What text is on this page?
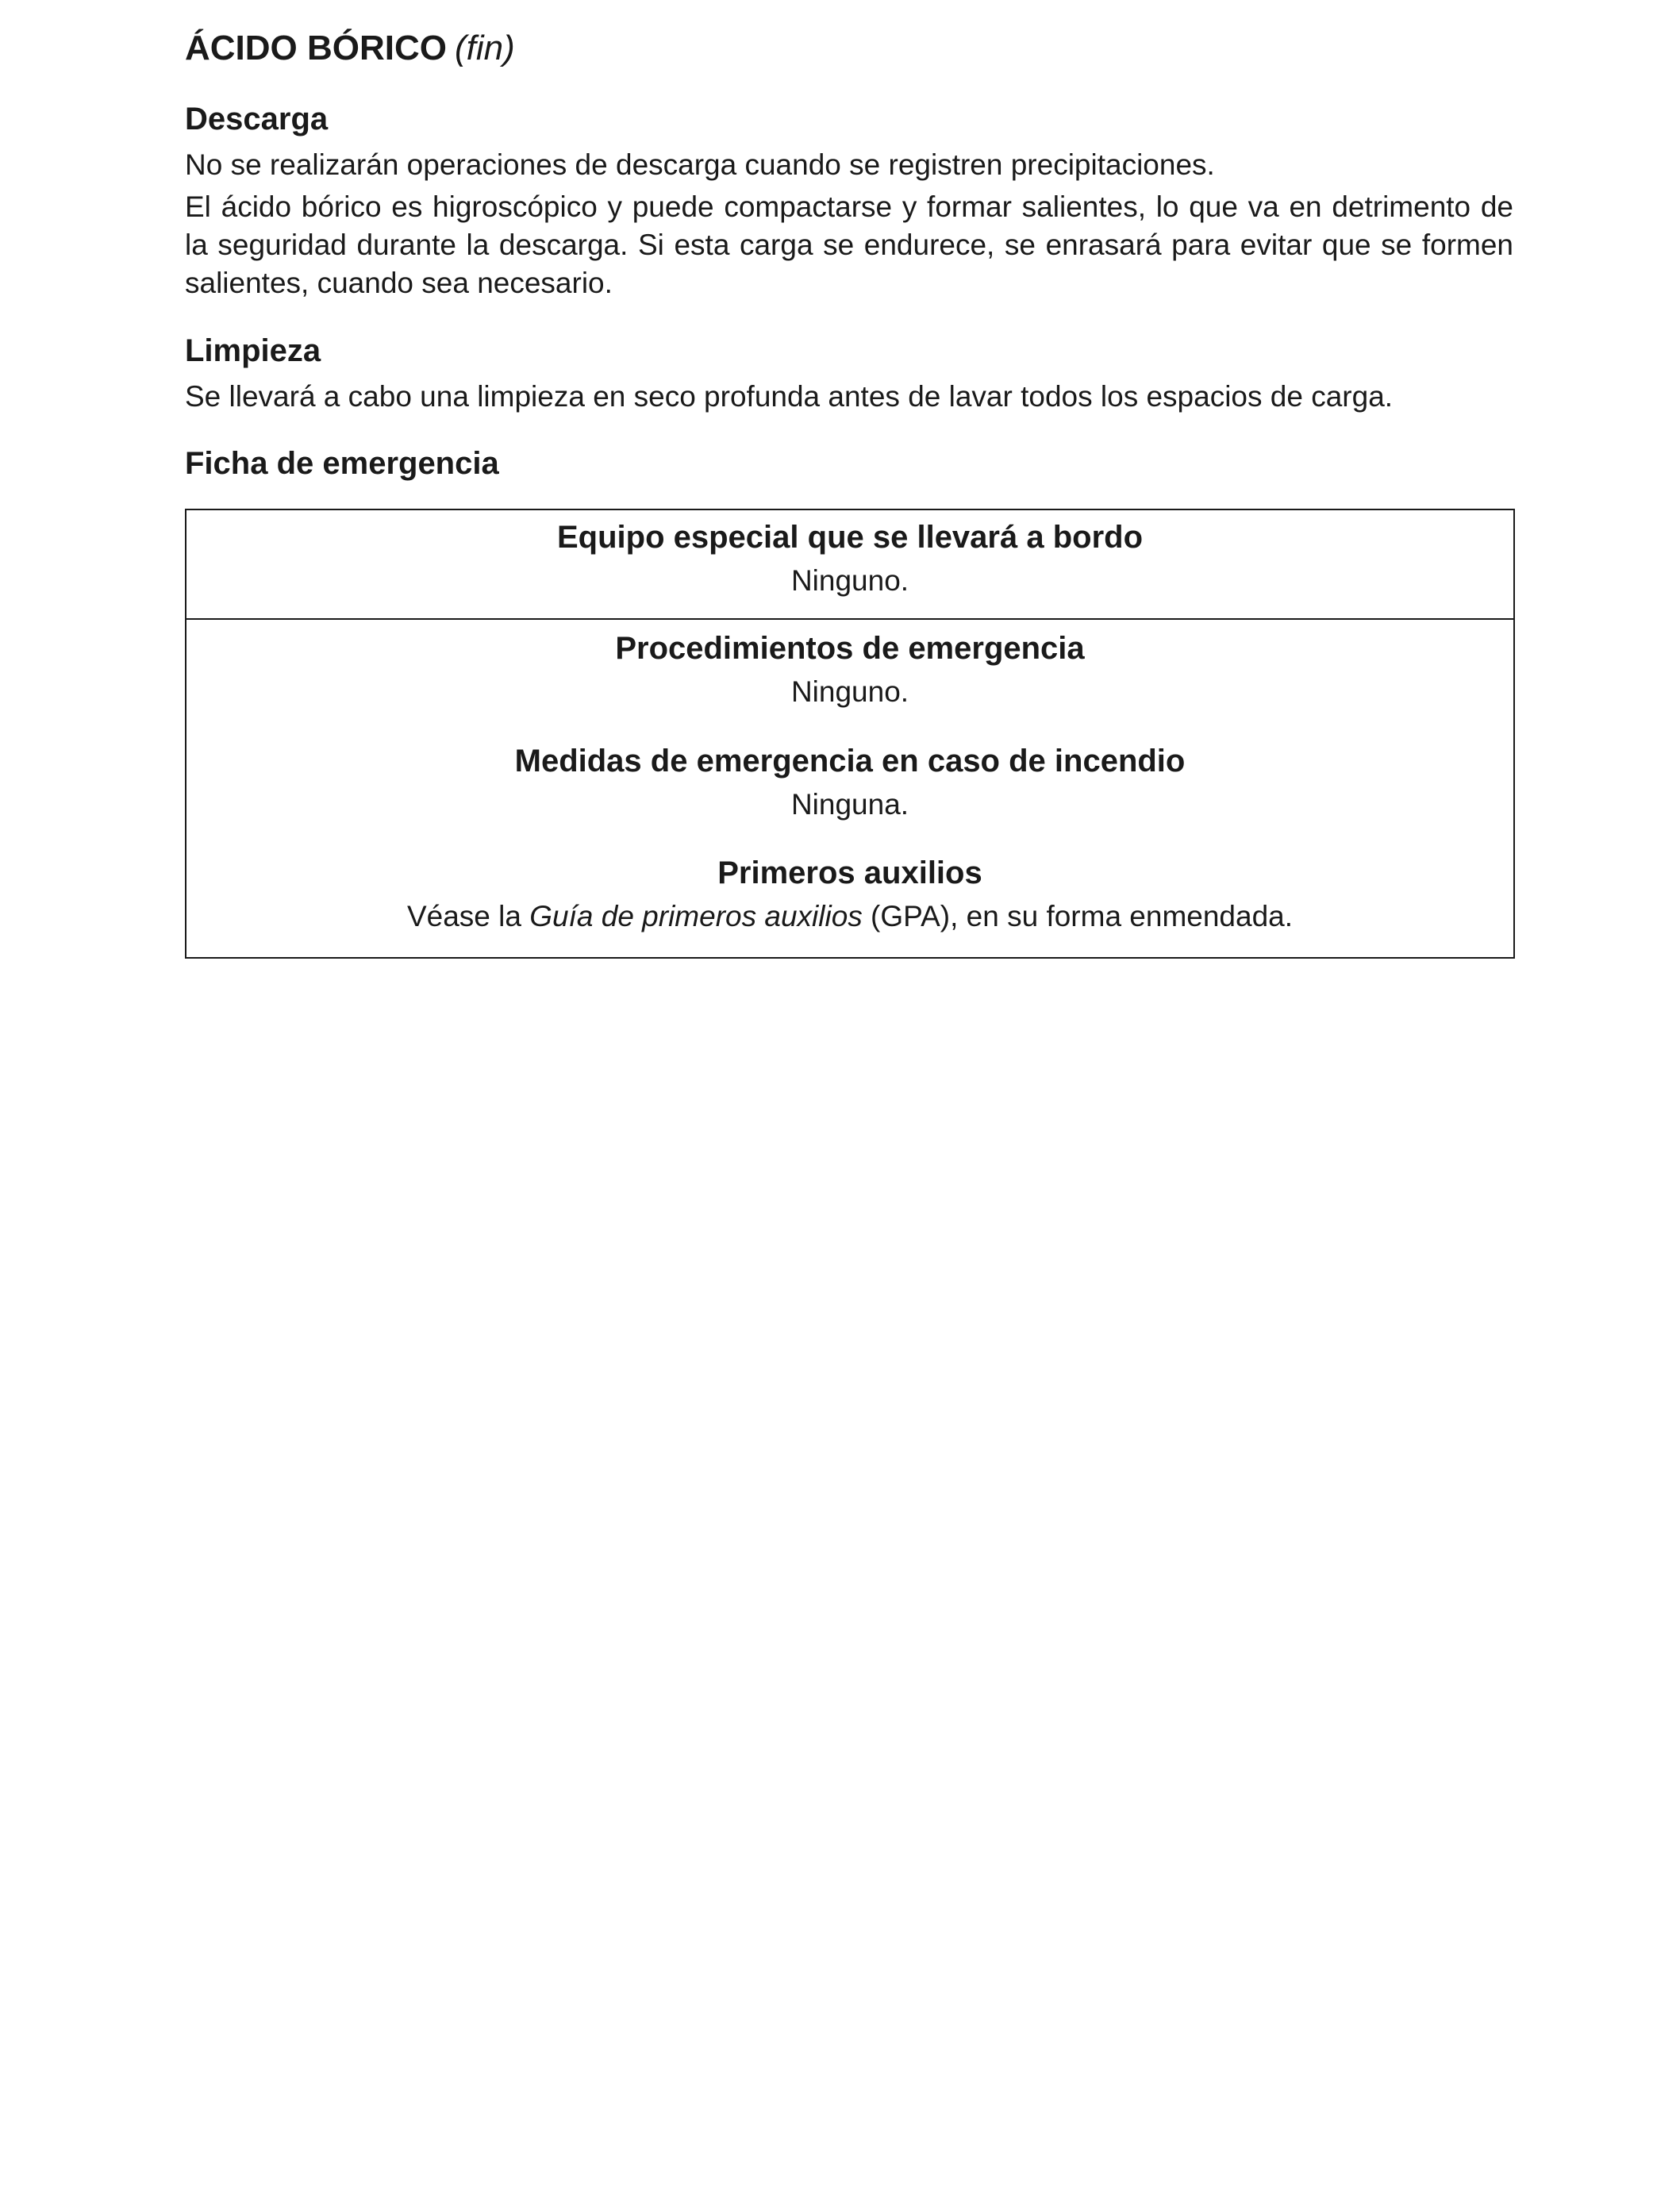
ÁCIDO BÓRICO (fin)
Descarga
No se realizarán operaciones de descarga cuando se registren precipitaciones.
El ácido bórico es higroscópico y puede compactarse y formar salientes, lo que va en detrimento de
la seguridad durante la descarga. Si esta carga se endurece, se enrasará para evitar que se formen
salientes, cuando sea necesario.
Limpieza
Se llevará a cabo una limpieza en seco profunda antes de lavar todos los espacios de carga.
Ficha de emergencia
Equipo especial que se llevará a bordo
Ninguno.
Procedimientos de emergencia
Ninguno.
Medidas de emergencia en caso de incendio
Ninguna.
Primeros auxilios
Véase la Guía de primeros auxilios (GPA), en su forma enmendada.
